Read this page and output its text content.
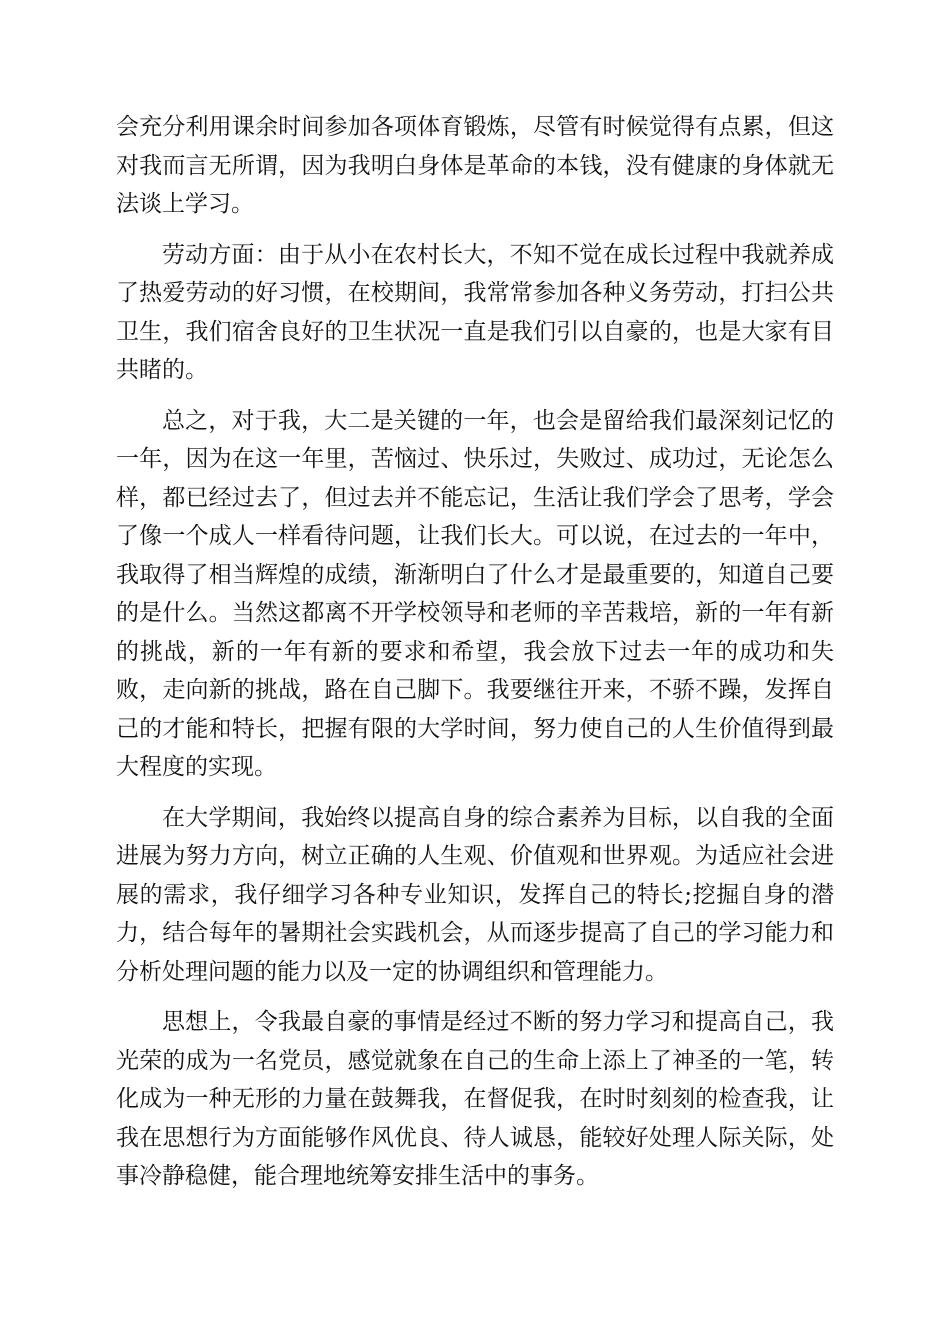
会充分利用课余时间参加各项体育锻炼，尽管有时候觉得有点累，但这对我而言无所谓，因为我明白身体是革命的本钱，没有健康的身体就无法谈上学习。

劳动方面：由于从小在农村长大，不知不觉在成长过程中我就养成了热爱劳动的好习惯，在校期间，我常常参加各种义务劳动，打扫公共卫生，我们宿舍良好的卫生状况一直是我们引以自豪的，也是大家有目共睹的。

总之，对于我，大二是关键的一年，也会是留给我们最深刻记忆的一年，因为在这一年里，苦恼过、快乐过，失败过、成功过，无论怎么样，都已经过去了，但过去并不能忘记，生活让我们学会了思考，学会了像一个成人一样看待问题，让我们长大。可以说，在过去的一年中，我取得了相当辉煌的成绩，渐渐明白了什么才是最重要的，知道自己要的是什么。当然这都离不开学校领导和老师的辛苦栽培，新的一年有新的挑战，新的一年有新的要求和希望，我会放下过去一年的成功和失败，走向新的挑战，路在自己脚下。我要继往开来，不骄不躁，发挥自己的才能和特长，把握有限的大学时间，努力使自己的人生价值得到最大程度的实现。

在大学期间，我始终以提高自身的综合素养为目标，以自我的全面进展为努力方向，树立正确的人生观、价值观和世界观。为适应社会进展的需求，我仔细学习各种专业知识，发挥自己的特长;挖掘自身的潜力，结合每年的暑期社会实践机会，从而逐步提高了自己的学习能力和分析处理问题的能力以及一定的协调组织和管理能力。

思想上，令我最自豪的事情是经过不断的努力学习和提高自己，我光荣的成为一名党员，感觉就象在自己的生命上添上了神圣的一笔，转化成为一种无形的力量在鼓舞我，在督促我，在时时刻刻的检查我，让我在思想行为方面能够作风优良、待人诚恳，能较好处理人际关际，处事冷静稳健，能合理地统筹安排生活中的事务。
